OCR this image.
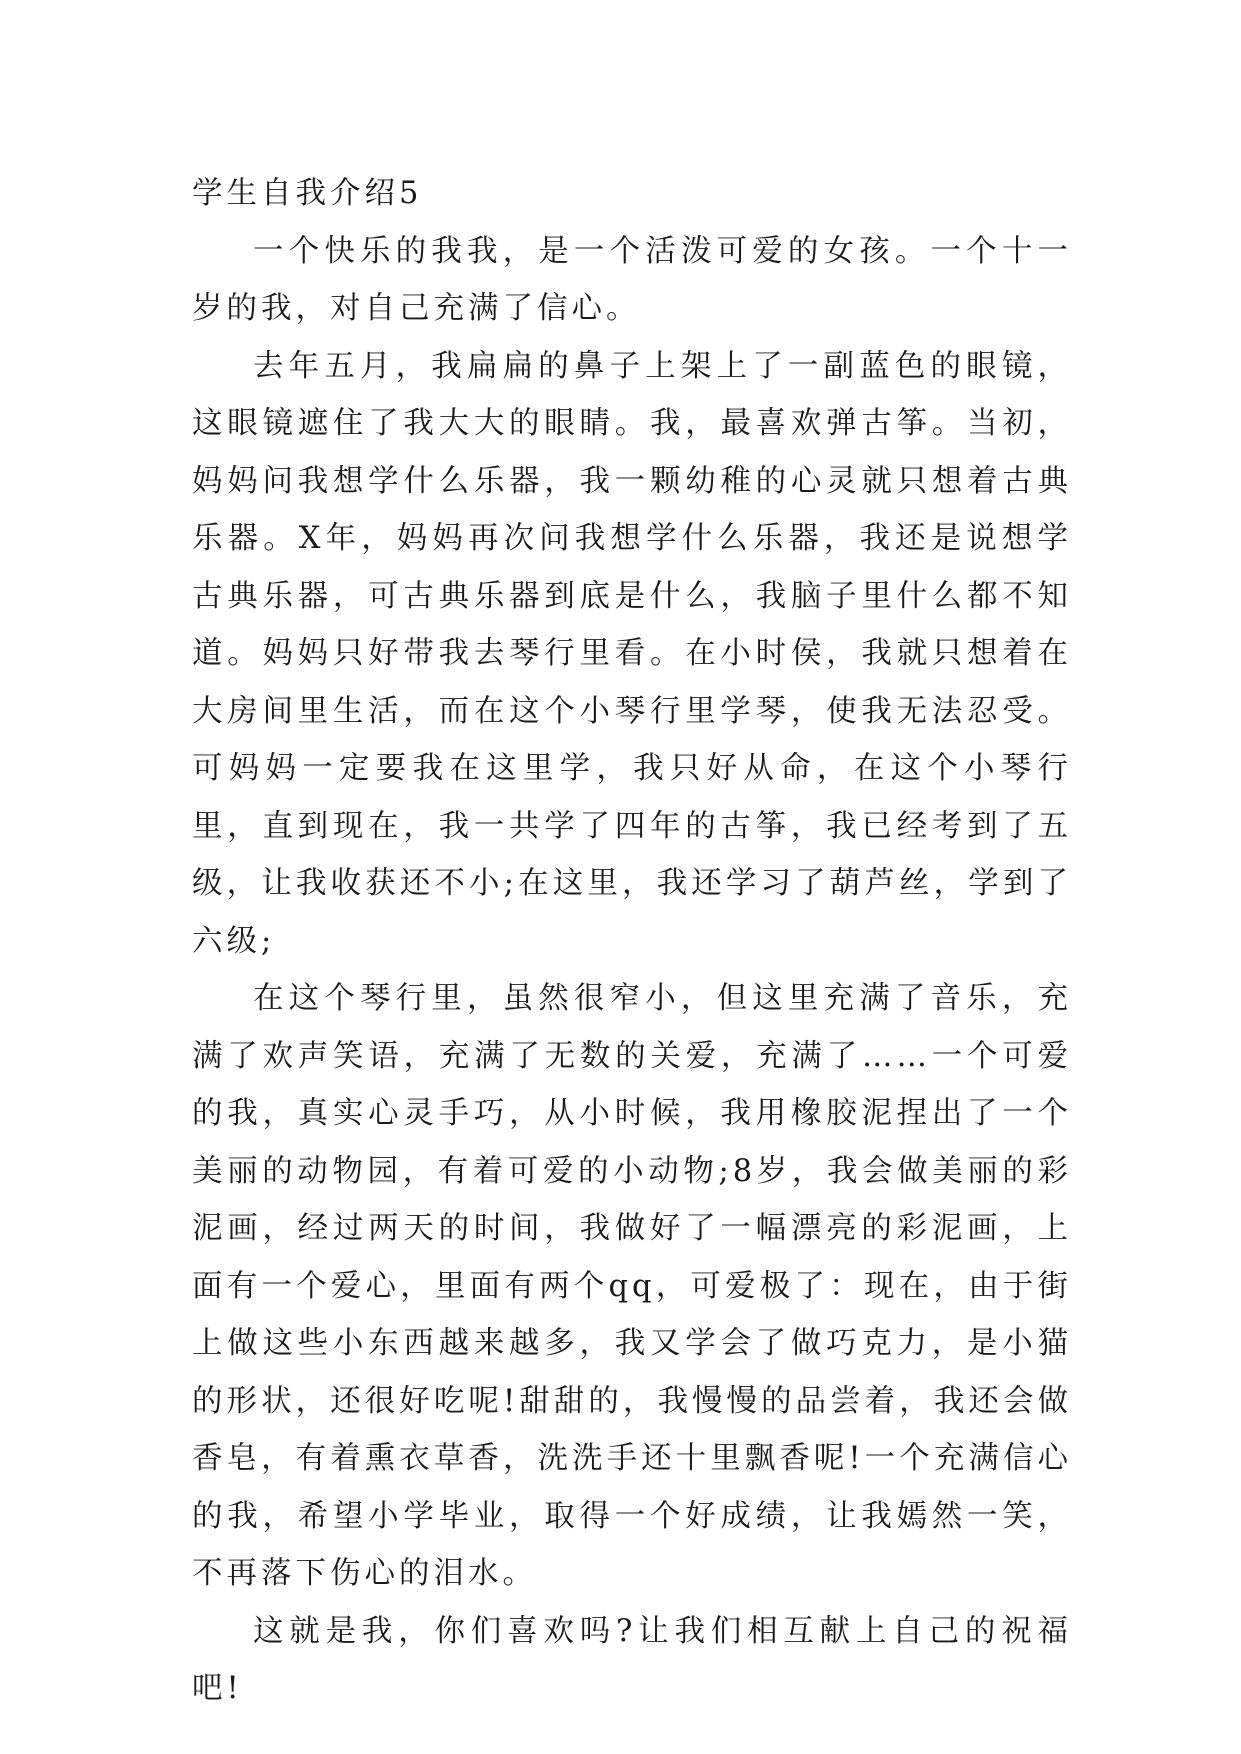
学生自我介绍5

一个快乐的我我，是一个活泼可爱的女孩。一个十一岁的我，对自己充满了信心。

去年五月，我扁扁的鼻子上架上了一副蓝色的眼镜，这眼镜遮住了我大大的眼睛。我，最喜欢弹古筝。当初，妈妈问我想学什么乐器，我一颗幼稚的心灵就只想着古典乐器。X年，妈妈再次问我想学什么乐器，我还是说想学古典乐器，可古典乐器到底是什么，我脑子里什么都不知道。妈妈只好带我去琴行里看。在小时侯，我就只想着在大房间里生活，而在这个小琴行里学琴，使我无法忍受。可妈妈一定要我在这里学，我只好从命，在这个小琴行里，直到现在，我一共学了四年的古筝，我已经考到了五级，让我收获还不小;在这里，我还学习了葫芦丝，学到了六级;

在这个琴行里，虽然很窄小，但这里充满了音乐，充满了欢声笑语，充满了无数的关爱，充满了……一个可爱的我，真实心灵手巧，从小时候，我用橡胶泥捏出了一个美丽的动物园，有着可爱的小动物;8岁，我会做美丽的彩泥画，经过两天的时间，我做好了一幅漂亮的彩泥画，上面有一个爱心，里面有两个qq，可爱极了：现在，由于街上做这些小东西越来越多，我又学会了做巧克力，是小猫的形状，还很好吃呢!甜甜的，我慢慢的品尝着，我还会做香皂，有着熏衣草香，洗洗手还十里飘香呢!一个充满信心的我，希望小学毕业，取得一个好成绩，让我嫣然一笑，不再落下伤心的泪水。

这就是我，你们喜欢吗?让我们相互献上自己的祝福吧!
